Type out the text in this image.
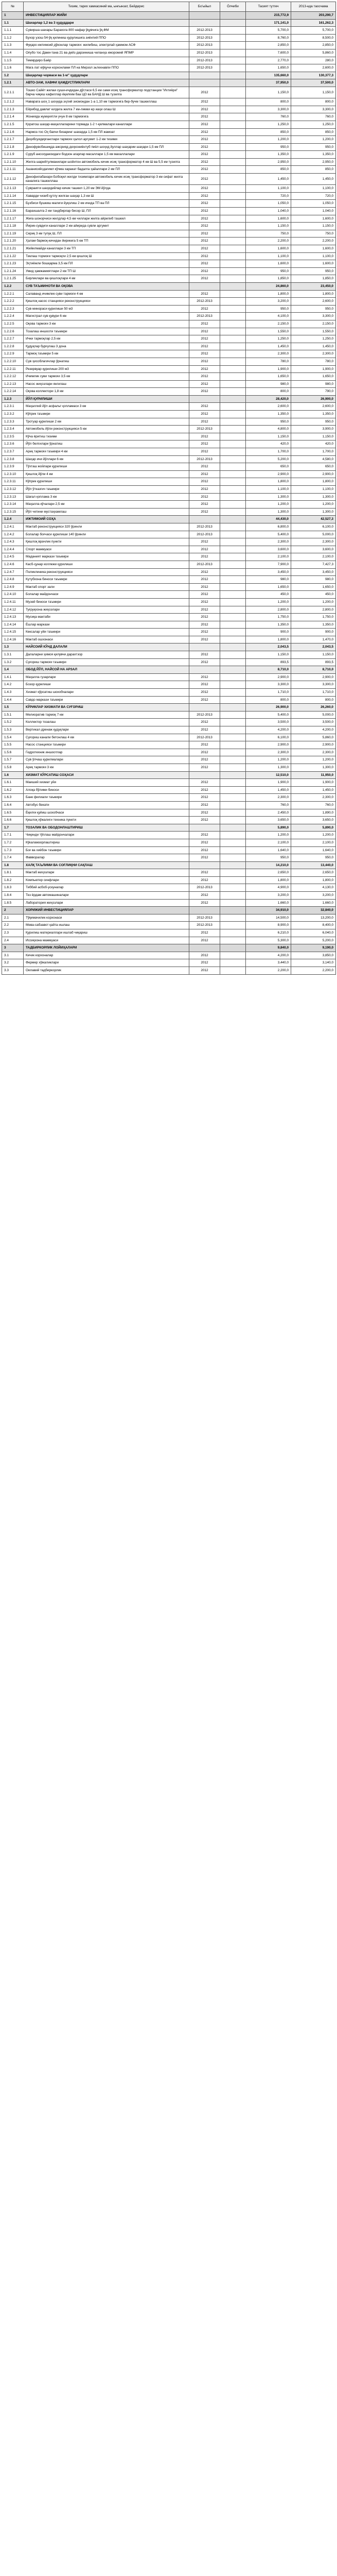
№	Тизим, тарих хамкасиний ма, ынгынзат, Бейдерис	Бо'ыйыл	Ӧлчиби	Тасият тутгеч	2013-нда таосчама
1	ИНВЕСТИЦИЯЛАР ЖИЙИ			215,772,9	203,290,7
1.1	Шахарлар 1,2 ва 3 ҳудуддари			171,141,0	161,262,3
1.1.1	Сувирша шахары Барахога 800 нафар ўқувчига ўқ.ФМ	2012-2013		5,700,0	5,700,0
1.1.2	Бухор узош 54-ўқ қилиниш қурулишига зиёнтий ППО	2012-2013		8,760,0	8,500,0
1.1.3	Фуқаро ижтимоий дўконлар тармоғи: жилибиш, электрлай ҳаммом АСФ	2012-2013		2,850,0	2,850,0
1.1.4	Опубо тос Дами-тана 21 ва дейз дарзиниша чиланҳа ижоромий ЯПМР	2012-2013		7,600,0	5,860,0
1.1.5	Темирдиро Баёр	2012-2013		2,770,0	280,0
1.1.6	Мага лат юўқучи корхонлами ПЛ на Мирзол эьтехнавли ППО	2012-2013		1,650,0	2,600,0
1.2	Шаҳарлар чорваси ва 1-м" ҳудудлари			135,660,0	130,377,3
1.2.1	АВТО-ЗАМ, ХАВФИ ҲАМДУСТЛИКЛАРИ			37,950,0	37,500,0
1.2.1.1	Тошко Сайёт жилаи суши-ичдидан дўстаси 6,5 км сами исиқ трансформатор подстанции "Ихтиёри" барча чиқиш кафиллар ёқилғим баа ЦО ва БАНД Ш ва тузилга	2012		1,150,0	1,150,0
1.2.1.2	Наварага шоҳ 1 шоҳида эҳлий зисмондан 1-а 1,10 км тармоғига бер-бучм ташкиллаш	2012		800,0	800,0
1.2.1.3	Ейрибод давлат юлдига жилга 7 км-ликми ер иаҳи олаш Ш	2012		3,300,0	3,300,0
1.2.1.4	Жонияда жумҳиятли учун 8 км тармоғига	2012		760,0	760,0
1.2.1.5	Қоратош шаҳар-маҳаллаларини тормада 1-2 т-қилмалари каналлари	2012		1,250,0	1,250,0
1.2.1.6	Нармоз-тос Оҳ бахчи бизаринг шахарда 1,5 км ПЛ жамоат	2012		850,0	850,0
1.2.1.7	Деҳибсуидирганглари тармоғи ҳалол аргумит 1-2 км тизими	2012		1,200,0	1,200,0
1.2.1.8	Денофувсбешиқда ажсрияд деҳкониёнтуб пиёл шоҳид йуллар шаҳарии шаҳари 1,5 км ПЛ	2012		950,0	950,0
1.2.1.9	Суруб ансолдакоидаги бодзон агарлар масаллари 1,5 км махаллалари	2012		1,350,0	1,350,0
1.2.1.10	Жилга шарийтулманилари шойитон автомобиль кичик исиқ трансформатор 4 км Ш ва 5,5 км тузилга	2012		2,950,0	2,950,0
1.2.1.11	Ашанисийсдагимл кўчма харакат бадалга ҳайаллари 2 км ПЛ	2012		850,0	850,0
1.2.1.12	Денофилабахари Бобоқил жилди тизимлари автомобиль кичик исиқ трансформатор 3 км сифат жилга каналига ташкиллаш	2012		1,450,0	1,450,0
1.2.1.13	Сувраигги шаҳидийлар кичик ташкил 1,20 км ЭМ йўлда	2012		1,100,0	1,100,0
1.2.1.14	Хаварди чизиб қутлу жилган шаҳар 1,3 км Ш	2012		720,0	720,0
1.2.1.15	Бузбиси бушкиш малиги йуқолиш 2 км ичида ТП ва ПЛ	2012		1,050,0	1,050,0
1.2.1.16	Барахшалга 2 км тандбирлар бисор Ш, ПЛ	2012		1,040,0	1,040,0
1.2.1.17	Жиға шонорчиси жилдлар 4,5 км чиллари жилга айрилиб ташкил	2012		1,600,0	1,600,0
1.2.1.18	Йирик-сувдиги каналлари 2 км айирида сувли аргумит	2012		1,150,0	1,150,0
1.2.1.19	Сериқ 3 км тупуқ Ш, ПЛ	2012		750,0	750,0
1.2.1.20	Ҳалам бармоқ-кичидан йирикига 5 км ТП	2012		2,200,0	2,200,0
1.2.1.21	Жийилмайди каналлари 3 км ТП	2012		1,600,0	1,600,0
1.2.1.22	Тиклаш тормоғи тармоқли 2,5 км қишлоқ Ш	2012		1,100,0	1,100,0
1.2.1.23	Эҳтиёжли бошқарма 3,5 км ПЛ	2012		1,600,0	1,600,0
1.2.1.24	Умид ҳамжамиятлари 2 км ТП Ш	2012		950,0	950,0
1.2.1.25	Бирликлари ва қишлоқлари 4 км	2012		1,850,0	1,850,0
1.2.2	СУВ ТАЪМИНОТИ ВА ОҚОВА			24,860,0	23,450,0
1.2.2.1	Салаванд ичимлик суви тармоғи 4 км	2012		1,800,0	1,800,0
1.2.2.2	Қишлоқ насос станцияси реконструкцияси	2012-2013		3,200,0	2,600,0
1.2.2.3	Сув минораси қурилиши 50 м3	2012		950,0	950,0
1.2.2.4	Магистрал сув қувури 6 км	2012-2013		4,100,0	3,300,0
1.2.2.5	Оқова тармоғи 3 км	2012		2,150,0	2,150,0
1.2.2.6	Тозалаш иншооти таъмири	2012		1,550,0	1,550,0
1.2.2.7	Ички тармоқлар 2,5 км	2012		1,250,0	1,250,0
1.2.2.8	Қудуқлар бурғулаш 3 дона	2012		1,450,0	1,450,0
1.2.2.9	Тармоқ таъмири 5 км	2012		2,300,0	2,300,0
1.2.2.10	Сув ҳисоблагичлар ўрнатиш	2012		780,0	780,0
1.2.2.11	Резервуар қурилиши 200 м3	2012		1,900,0	1,900,0
1.2.2.12	Ичимлик суви тармоғи 3,5 км	2012		1,650,0	1,650,0
1.2.2.13	Насос жиҳозлари янгилаш	2012		980,0	980,0
1.2.2.14	Оқова коллектори 1,8 км	2012		800,0	790,0
1.2.3	ЙЎЛ ҚУРИЛИШИ			28,420,0	26,900,0
1.2.3.1	Маҳаллий йўл асфальт қопламаси 3 км	2012		2,600,0	2,600,0
1.2.3.2	Кўприк таъмири	2012		1,350,0	1,350,0
1.2.3.3	Тротуар қурилиши 2 км	2012		950,0	950,0
1.2.3.4	Автомобиль йўли реконструкцияси 5 км	2012-2013		4,800,0	3,900,0
1.2.3.5	Кўча ёритиш тизими	2012		1,150,0	1,150,0
1.2.3.6	Йўл белгилари ўрнатиш	2012		420,0	420,0
1.2.3.7	Ариқ тармоғи таъмири 4 км	2012		1,700,0	1,700,0
1.2.3.8	Шаҳар ичи йўллари 6 км	2012-2013		5,200,0	4,580,0
1.2.3.9	Тўхташ жойлари қурилиши	2012		650,0	650,0
1.2.3.10	Қишлоқ йўли 4 км	2012		2,900,0	2,900,0
1.2.3.11	Кўприк қурилиши	2012		1,800,0	1,800,0
1.2.3.12	Йўл ўтказгич таъмири	2012		1,100,0	1,100,0
1.2.3.13	Шағал қоплама 3 км	2012		1,300,0	1,300,0
1.2.3.14	Маҳалла кўчалари 2,5 км	2012		1,200,0	1,200,0
1.2.3.15	Йўл четини мустаҳкамлаш	2012		1,300,0	1,300,0
1.2.4	ИЖТИМОИЙ СОҲА			44,430,0	42,527,3
1.2.4.1	Мактаб реконструкцияси 320 ўринли	2012-2013		6,800,0	6,100,0
1.2.4.2	Болалар боғчаси қурилиши 140 ўринли	2012-2013		5,400,0	5,000,0
1.2.4.3	Қишлоқ врачлик пункти	2012		2,300,0	2,300,0
1.2.4.4	Спорт мажмуаси	2012		3,600,0	3,600,0
1.2.4.5	Маданият маркази таъмири	2012		2,100,0	2,100,0
1.2.4.6	Касб-ҳунар коллежи қурилиши	2012-2013		7,900,0	7,427,3
1.2.4.7	Поликлиника реконструкцияси	2012		3,450,0	3,450,0
1.2.4.8	Кутубхона биноси таъмири	2012		980,0	980,0
1.2.4.9	Мактаб спорт зали	2012		1,650,0	1,650,0
1.2.4.10	Болалар майдончаси	2012		450,0	450,0
1.2.4.11	Музей биноси таъмири	2012		1,200,0	1,200,0
1.2.4.12	Туғруқхона жиҳозлари	2012		2,800,0	2,800,0
1.2.4.13	Мусиқа мактаби	2012		1,750,0	1,750,0
1.2.4.14	Ёшлар маркази	2012		1,350,0	1,350,0
1.2.4.15	Кексалар уйи таъмири	2012		900,0	900,0
1.2.4.16	Мактаб ошхонаси	2012		1,800,0	1,470,0
1.3	НАЙСОИЙ КЎНД ДАЛАЛИ			2,043,5	2,043,5
1.3.1	Далаларни ҳимоя қилувчи дарахтзор	2012		1,150,0	1,150,0
1.3.2	Суғориш тармоғи таъмири	2012		893,5	893,5
1.4	ОБОД ЙЎЛ, НАЙСОЙ НА АРЗАЛ			8,710,0	8,710,0
1.4.1	Маҳалла гузарлари	2012		2,900,0	2,900,0
1.4.2	Бозор қурилиши	2012		3,300,0	3,300,0
1.4.3	Хизмат кўрсатиш шохобчалари	2012		1,710,0	1,710,0
1.4.4	Савдо маркази таъмири	2012		800,0	800,0
1.5	КЎРИКЛАР ХИЗМАТИ ВА СУҒОРИШ			26,900,0	26,260,0
1.5.1	Мелиоратив тармоқ 7 км	2012-2013		5,400,0	5,000,0
1.5.2	Коллектор тозалаш	2012		3,500,0	3,500,0
1.5.3	Вертикал дренаж қудуқлари	2012		4,200,0	4,200,0
1.5.4	Суғориш канали бетонлаш 4 км	2012-2013		6,100,0	5,860,0
1.5.5	Насос станцияси таъмири	2012		2,900,0	2,900,0
1.5.6	Гидротехник иншоотлар	2012		2,300,0	2,300,0
1.5.7	Сув ўлчаш қурилмалари	2012		1,200,0	1,200,0
1.5.8	Ариқ тармоғи 3 км	2012		1,300,0	1,300,0
1.6	ХИЗМАТ КЎРСАТИШ СОҲАСИ			12,510,0	11,950,0
1.6.1	Маиший хизмат уйи	2012		1,900,0	1,900,0
1.6.2	Алоқа бўлими биноси	2012		1,450,0	1,450,0
1.6.3	Банк филиали таъмири	2012		2,300,0	2,300,0
1.6.4	Автобус бекати	2012		760,0	760,0
1.6.5	Ёқилғи қуйиш шохобчаси	2012		2,450,0	1,890,0
1.6.6	Қишлоқ хўжалиги техника пункти	2012		3,650,0	3,650,0
1.7	ТОЗАЛИК ВА ОБОДОНЛАШТИРИШ			5,890,0	5,890,0
1.7.1	Чиқинди тўплаш майдончалари	2012		1,200,0	1,200,0
1.7.2	Кўкаламзорлаштириш	2012		2,100,0	2,100,0
1.7.3	Боғ ва хиёбон таъмири	2012		1,640,0	1,640,0
1.7.4	Фавворалар	2012		950,0	950,0
1.8	ХАЛҚ ТАЪЛИМИ ВА СОҒЛИҚНИ САҚЛАШ			14,210,0	13,440,0
1.8.1	Мактаб жиҳозлари	2012		2,650,0	2,650,0
1.8.2	Компьютер синфлари	2012		1,800,0	1,800,0
1.8.3	Тиббий асбоб-ускуналар	2012-2013		4,900,0	4,130,0
1.8.4	Тез ёрдам автомашиналари	2012		3,200,0	3,200,0
1.8.5	Лаборатория жиҳозлари	2012		1,660,0	1,660,0
2	ХОРИЖИЙ ИНВЕСТИЦИЯЛАР			34,910,0	32,840,0
2.1	Тўқимачилик корхонаси	2012-2013		14,500,0	13,200,0
2.2	Мева-сабзавот қайта ишлаш	2012-2013		8,900,0	8,400,0
2.3	Қурилиш материаллари ишлаб чиқариш	2012		6,210,0	6,040,0
2.4	Иссиқхона мажмуаси	2012		5,300,0	5,200,0
3	ТАДБИРКОРЛИК ЛОЙИҲАЛАРИ			9,840,0	9,190,0
3.1	Кичик корхоналар	2012		4,200,0	3,850,0
3.2	Фермер хўжаликлари	2012		3,440,0	3,140,0
3.3	Оилавий тадбиркорлик	2012		2,200,0	2,200,0
